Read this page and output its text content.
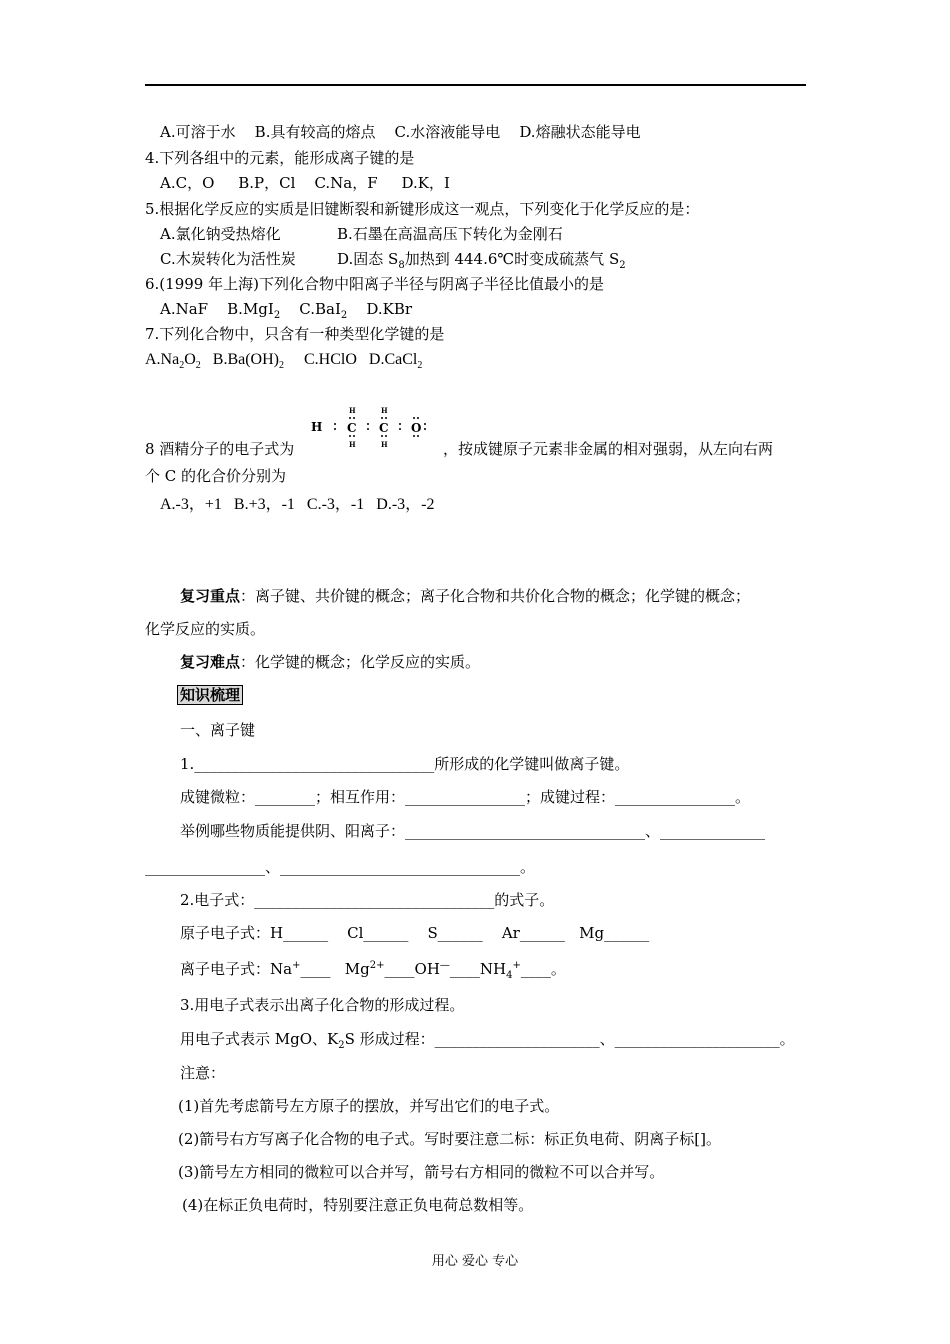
A.可溶于水    B.具有较高的熔点    C.水溶液能导电    D.熔融状态能导电
4.下列各组中的元素，能形成离子键的是
A.C，O     B.P，Cl    C.Na，F     D.K，I
5.根据化学反应的实质是旧键断裂和新键形成这一观点，下列变化于化学反应的是：
A.氯化钠受热熔化	B.石墨在高温高压下转化为金刚石
C.木炭转化为活性炭	D.固态 $S_8$加热到 444.6℃时变成硫蒸气 $S_2$
6.(1999 年上海)下列化合物中阳离子半径与阴离子半径比值最小的是
A.NaF B.MgI$_2$ C.BaI$_2$ D.KBr
7.下列化合物中，只含有一种类型化学键的是
$A.Na_2O_2$ $B.Ba(OH)_2$ C.HClO D.CaCl$_2$
H C C O
H	H
H	H
8 酒精分子的电子式为	，按成键原子元素非金属的相对强弱，从左向右两
个 C 的化合价分别为
A.-3，+1   B.+3，-1   C.-3，-1   D.-3，-2
复习重点：离子键、共价键的概念；离子化合物和共价化合物的概念；化学键的概念；
化学反应的实质。
复习难点：化学键的概念；化学反应的实质。
知识梳理
一、离子键
1.________________________________所形成的化学键叫做离子键。
成键微粒：________；相互作用：________________；成键过程：________________。
举例哪些物质能提供阴、阳离子：________________________________、______________
________________、________________________________。
2.电子式：________________________________的式子。
原子电子式：H______    Cl______    S______    Ar______   Mg______
离子电子式：Na+____ $Mg^{2+}\_\_\_\_OH^—\_\_\_\_NH_4^+\_\_\_\_$。
3.用电子式表示出离子化合物的形成过程。
用电子式表示 MgO、$K_2S$ 形成过程：______________________、______________________。
注意：
(1)首先考虑箭号左方原子的摆放，并写出它们的电子式。
(2)箭号右方写离子化合物的电子式。写时要注意二标：标正负电荷、阴离子标[]。
(3)箭号左方相同的微粒可以合并写，箭号右方相同的微粒不可以合并写。
(4)在标正负电荷时，特别要注意正负电荷总数相等。
用心 爱心 专心
